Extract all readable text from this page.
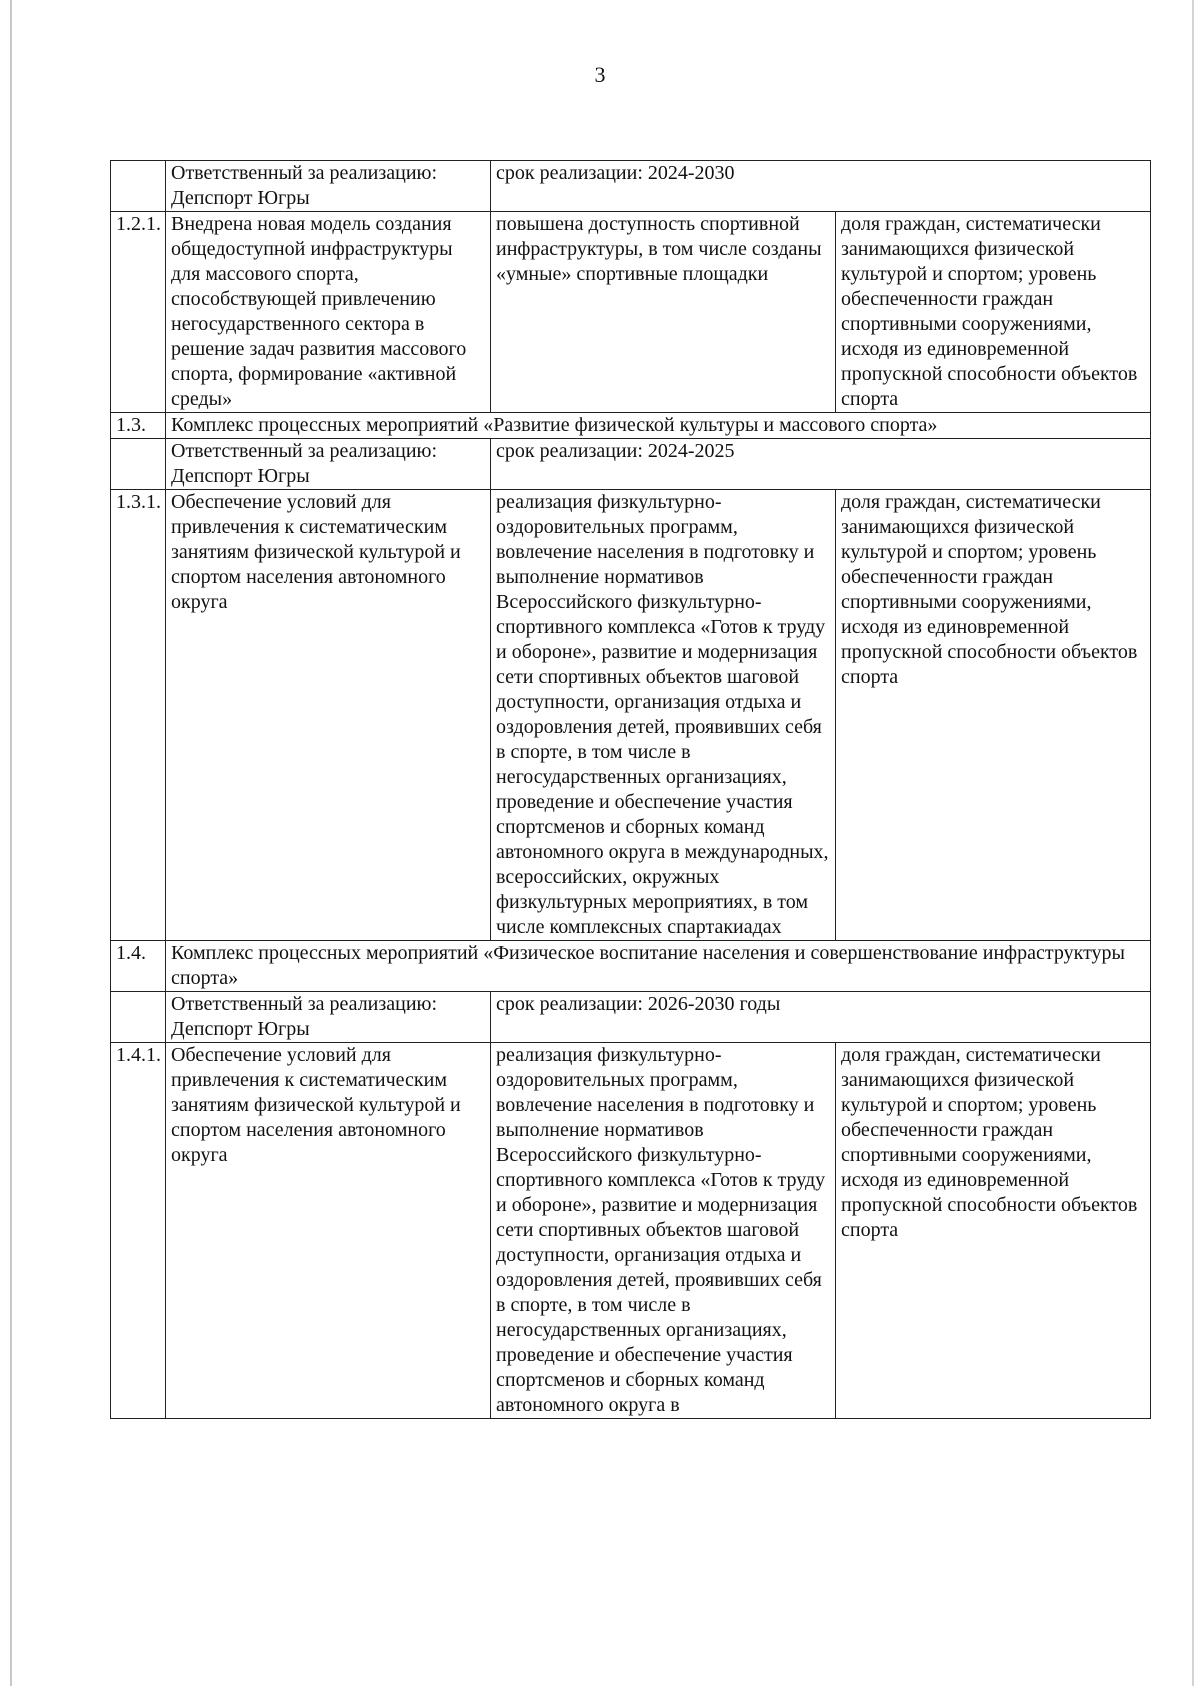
3
	Ответственный за реализацию: Депспорт Югры	срок реализации: 2024-2030	
1.2.1.	Внедрена новая модель создания общедоступной инфраструктуры для массового спорта, способствующей привлечению негосударственного сектора в решение задач развития массового спорта, формирование «активной среды»	повышена доступность спортивной инфраструктуры, в том числе созданы «умные» спортивные площадки	доля граждан, систематически занимающихся физической культурой и спортом; уровень обеспеченности граждан спортивными сооружениями, исходя из единовременной пропускной способности объектов спорта
1.3.	Комплекс процессных мероприятий «Развитие физической культуры и массового спорта»		
	Ответственный за реализацию: Депспорт Югры	срок реализации: 2024-2025	
1.3.1.	Обеспечение условий для привлечения к систематическим занятиям физической культурой и спортом населения автономного округа	реализация физкультурно-оздоровительных программ, вовлечение населения в подготовку и выполнение нормативов Всероссийского физкультурно-спортивного комплекса «Готов к труду и обороне», развитие и модернизация сети спортивных объектов шаговой доступности, организация отдыха и оздоровления детей, проявивших себя в спорте, в том числе в негосударственных организациях, проведение и обеспечение участия спортсменов и сборных команд автономного округа в международных, всероссийских, окружных физкультурных мероприятиях, в том числе комплексных спартакиадах	доля граждан, систематически занимающихся физической культурой и спортом; уровень обеспеченности граждан спортивными сооружениями, исходя из единовременной пропускной способности объектов спорта
1.4.	Комплекс процессных мероприятий «Физическое воспитание населения и совершенствование инфраструктуры спорта»		
	Ответственный за реализацию: Депспорт Югры	срок реализации: 2026-2030 годы	
1.4.1.	Обеспечение условий для привлечения к систематическим занятиям физической культурой и спортом населения автономного округа	реализация физкультурно-оздоровительных программ, вовлечение населения в подготовку и выполнение нормативов Всероссийского физкультурно-спортивного комплекса «Готов к труду и обороне», развитие и модернизация сети спортивных объектов шаговой доступности, организация отдыха и оздоровления детей, проявивших себя в спорте, в том числе в негосударственных организациях, проведение и обеспечение участия спортсменов и сборных команд автономного округа в	доля граждан, систематически занимающихся физической культурой и спортом; уровень обеспеченности граждан спортивными сооружениями, исходя из единовременной пропускной способности объектов спорта
